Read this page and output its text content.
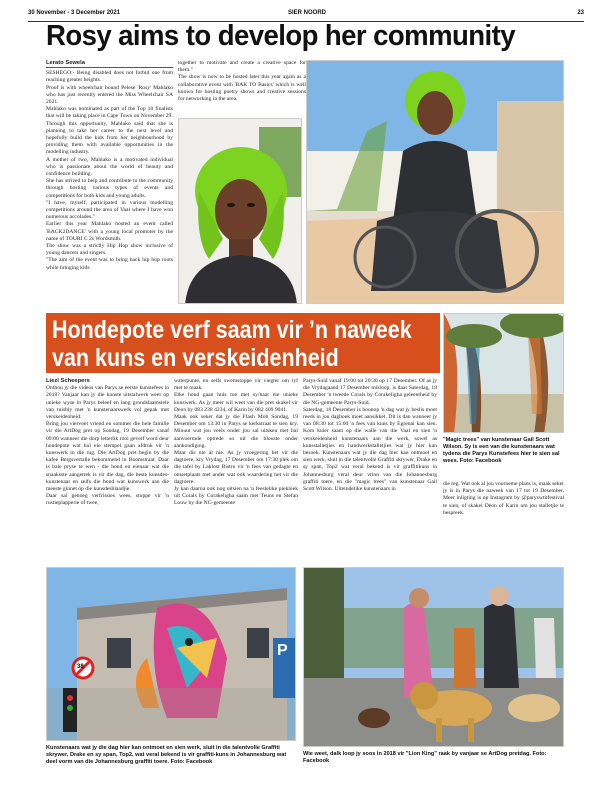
30 November - 3 December 2021	SIER NOORD	23
Rosy aims to develop her community

Lerato Sewela

SESHEGO:- Being disabled does not forbid one from reaching greater heights.

Proof is with wheelchair bound Pelese 'Rosy' Mahlako who has just recently entered the Miss Wheelchair SA 2021.

Mahlako was nominated as part of the Top 10 finalists that will be taking place in Cape Town on November 29.

Through this opportunity, Mahlako said that she is planning to take her career to the next level and hopefully build the kids from her neighbourhood by providing them with available opportunities in the modelling industry.

A mother of two, Mahlako is a motivated individual who is passionate about the world of beauty and confidence building.

She has strived to help and contribute to the community through hosting various types of events and competitions for both kids and young adults.

"I have, myself, participated in various modelling competitions around the area of Vaal where I have won numerous accolades."

Earlier this year Mahlako hosted an event called 'BACK2DANCE' with a young local promoter by the name of TOURI C 2s Wordsmith.

The show was a strictly Hip Hop show inclusive of young dancers and singers.

"The aim of the event was to bring back hip hop roots while bringing kids

together to motivate and create a creative space for them."

The show is now to be hosted later this year again as a collaborative event with 'BAK TO Basics' which is well known for hosting poetry shows and creative sessions for networking in the area.

Hondepote verf saam vir ’n naweek
van kuns en verskeidenheid

Liezl Scheepers

Onthou jy die videos van Parys se eerste kunstefees in 2018? Vanjaar kan jy die kunste uitstalwerk weer op unieke wyse in Parys beleef en lang grondslaamsiele van tuisbly met 'n kunstenaarswerk vol gepak met verskeidenheid.

Bring jou viervoet vriend en sommer die hele familie vir die ArtDog pret op Sondag, 19 Desember vanaf 09:00 wanneer die dorp letterlik rooi geverf word deur hondepote wat hul eie stempel gaan afdruk vir 'n kunswerk in die rug. Die ArtDog pret begin by die kafee Bergsvertalle bekommend in Boomstraat. Daar is baie pryse te wen - die hond en eienaar wat die snaaksste aangetrek is vir die dag, die beste kunsdes-kunstenaar en selfs die hond wat kunswerk aan die meeste ginnet op die kunsdesblaadjie.

Daar sal genoeg verfrissies wees, stoppe vir 'n rustieplapperie of twee,

waterpunte, en selfs swemstoppe vir viegter om lyf met te maak.

Elke hond gaan huis toe met sy/haar eie unieke kunswerk. As jy meer wil weet van die pret skakel vir Deon by 083 238 4234, of Karin by 082 409 9041.

Maak ook seker dat jy die Flash Mob Sondag, 19 Desember om 13:30 in Parys se kerkstraat te sien kry. Minuut wat jou veels onder jou sal uitskeu met hul aanvoermde optrede so uit die blouste onder aankondiging.

Maar dis nie al nie. As jy vroegering het vir die dagtoere, kry Vrydag, 17 Desember om 17:30 plek om die tafel by Laklost Bistro vir 'n fees van gedagte en omsetplaats met ander wat ook waardering het vir die dagtoere.

Jy kan daarna ook nog uitsien na 'n feestelike piekniek uit Corals by Corakeligha saam met Teuns en Stefan Louw by die NG-gemeente

Parys-Suid vanaf 19:00 tot 20:30 op 17 Desember. Of as jy die Vrydagaand 17 Desember misloop, is daar Saterdag, 18 Desember 'n tweede Corals by Corakeligha geleentheid by die NG-gemeente Parys-Suid.

Saterdag, 18 Desember is boonop 'n dag wat jy beslis moet reeds in jou dagboek moet aansikkel. Dit is dan wanneer jy van 08:30 tot 15:00 'n fees van kuns by Egrenai kan sien. Kom kuier saam op die walle van die Vaal en sien 'n verskeidenheid kunstenaars aan die werk, sowel as kunsstalletjies en handwerkstalletjies wat jy hier kan besoek. Kunstenaars wat jy die dag hier kan ontmoet en sien werk, sluit in die talentvolle Graffiti skrywer, Drake en sy span, Top2 wat veral bekend is vir graffitikuns in Johannesburg veral deur vrinn van die Johannesburg graffiti toere, en die "magic trees" van kunstenaar Gail Scott Wilson. Uiteindelike kunstenaars in

"Magic trees" van kunstenaar Gail Scott Wilson. Sy is een van die kunstenaars wat tydens die Parys Kunstefees hier te sien sal wees. Foto: Facebook

die reg. Wat ook al jou voorneme plans is, maak seker jy is in Parys die naweek van 17 tot 19 Desember. Meer inligting is op Instagram by @paryswtitfestival te sien, of skakel Deon of Karin om jou stalletjie te bespreek.

P
38
Kunstenaars wat jy die dag hier kan ontmoet en sien werk, sluit in die talentvolle Graffiti skrywer, Drake en sy span, Top2, wat veral bekend is vir graffiti-kuns in Johannesburg wat deel vorm van die Johannesburg graffiti toere. Foto: Facebook
Wie weet, dalk loop jy soos in 2018 vir "Lion King" raak by vanjaar se ArtDog pretdag. Foto: Facebook
